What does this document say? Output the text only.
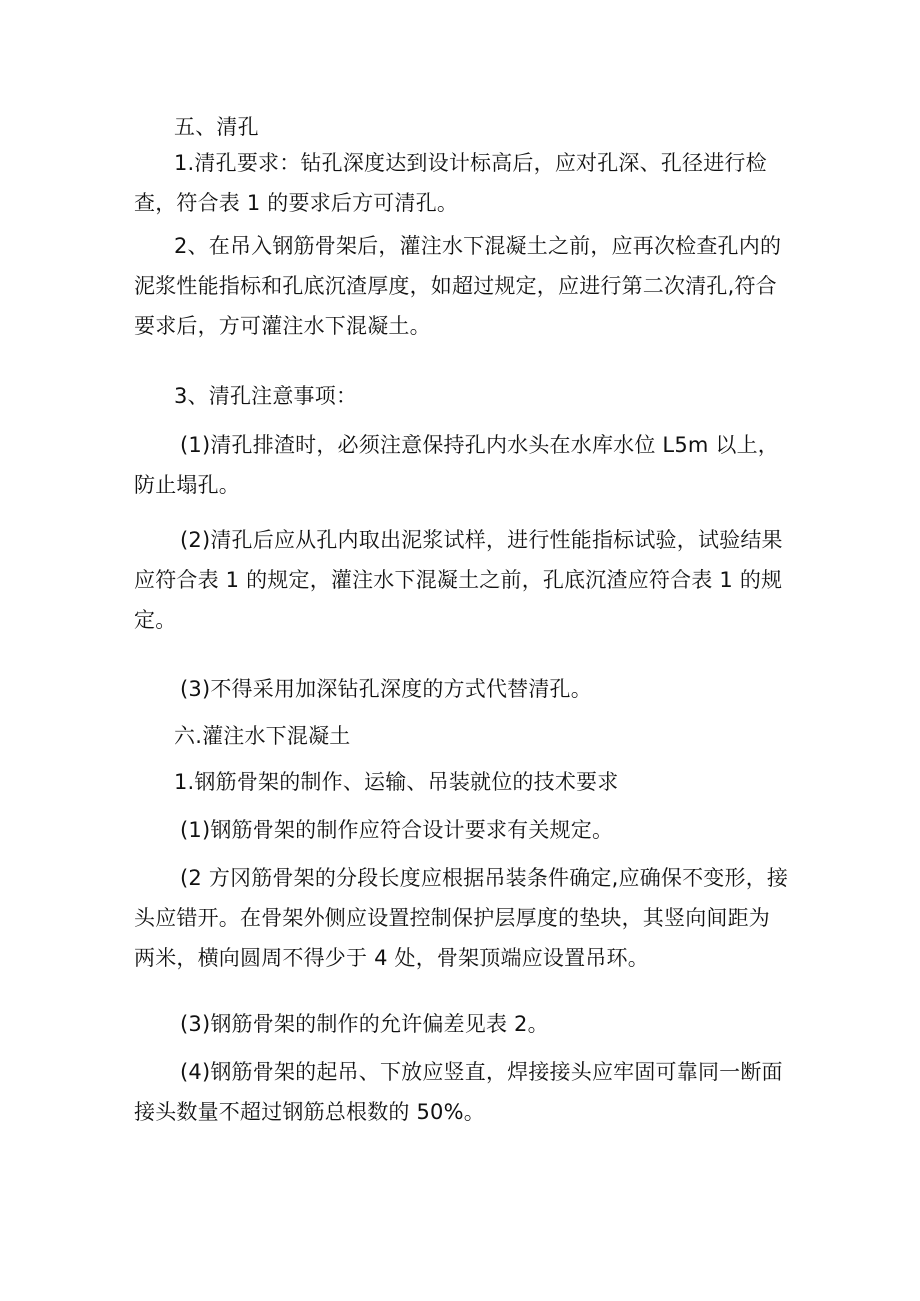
五、清孔
1.清孔要求：钻孔深度达到设计标高后，应对孔深、孔径进行检
查，符合表 1 的要求后方可清孔。
2、在吊入钢筋骨架后，灌注水下混凝土之前，应再次检查孔内的
泥浆性能指标和孔底沉渣厚度，如超过规定，应进行第二次清孔,符合
要求后，方可灌注水下混凝土。
3、清孔注意事项：
(1)清孔排渣时，必须注意保持孔内水头在水库水位 L5m 以上，
防止塌孔。
(2)清孔后应从孔内取出泥浆试样，进行性能指标试验，试验结果
应符合表 1 的规定，灌注水下混凝土之前，孔底沉渣应符合表 1 的规
定。
(3)不得采用加深钻孔深度的方式代替清孔。
六.灌注水下混凝土
1.钢筋骨架的制作、运输、吊装就位的技术要求
(1)钢筋骨架的制作应符合设计要求有关规定。
(2 方冈筋骨架的分段长度应根据吊装条件确定,应确保不变形，接
头应错开。在骨架外侧应设置控制保护层厚度的垫块，其竖向间距为
两米，横向圆周不得少于 4 处，骨架顶端应设置吊环。
(3)钢筋骨架的制作的允许偏差见表 2。
(4)钢筋骨架的起吊、下放应竖直，焊接接头应牢固可靠同一断面
接头数量不超过钢筋总根数的 50%。
